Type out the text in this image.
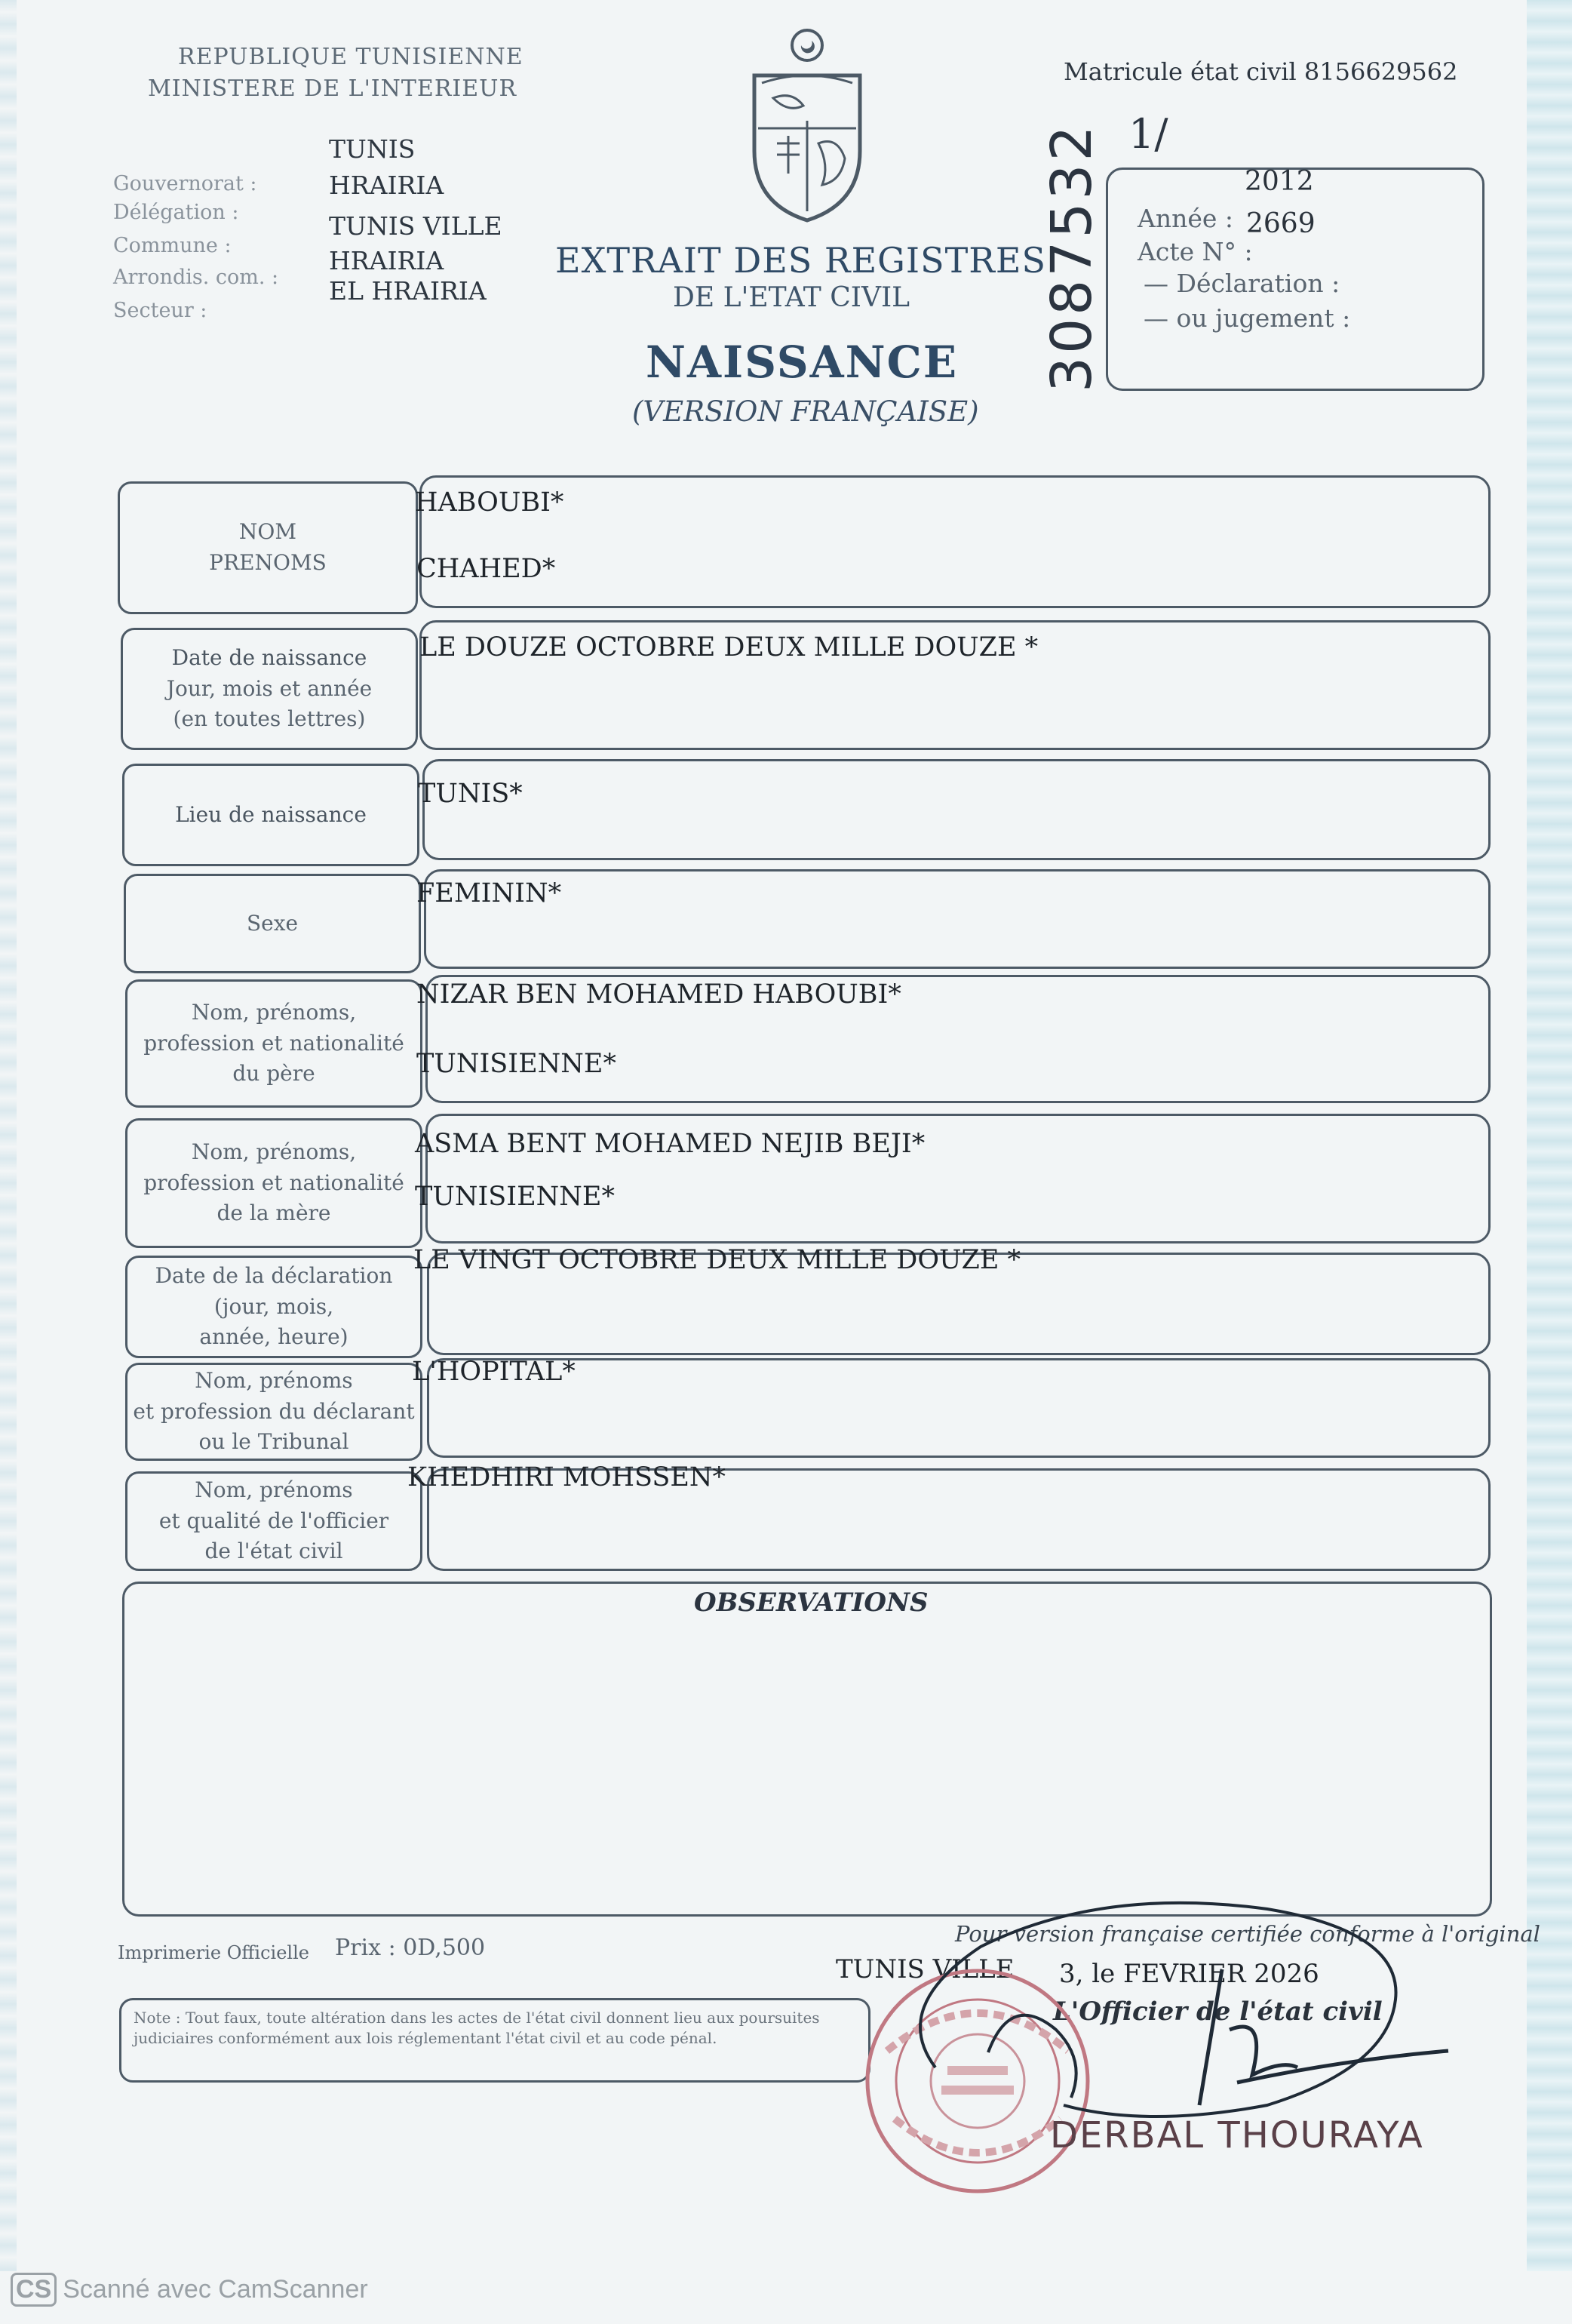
REPUBLIQUE TUNISIENNE
MINISTERE DE L'INTERIEUR
Gouvernorat :
Délégation :
Commune :
Arrondis. com. :
Secteur :
TUNIS
HRAIRIA
TUNIS VILLE
HRAIRIA
EL HRAIRIA
EXTRAIT DES REGISTRES
DE L'ETAT CIVIL
NAISSANCE
(VERSION FRANÇAISE)
Matricule état civil 8156629562
1/
3087532	2012
Année : 2669
Acte N° :
— Déclaration :
— ou jugement :
NOM
PRENOMS
HABOUBI*
CHAHED*
Date de naissance
Jour, mois et année
(en toutes lettres)
LE DOUZE OCTOBRE DEUX MILLE DOUZE *
Lieu de naissance
TUNIS*
Sexe
FEMININ*
Nom, prénoms,
profession et nationalité
du père
NIZAR BEN MOHAMED HABOUBI*
TUNISIENNE*
Nom, prénoms,
profession et nationalité
de la mère
ASMA BENT MOHAMED NEJIB BEJI*
TUNISIENNE*
Date de la déclaration
(jour, mois,
année, heure)
LE VINGT OCTOBRE DEUX MILLE DOUZE *
Nom, prénoms
et profession du déclarant
ou le Tribunal
L'HOPITAL*
Nom, prénoms
et qualité de l'officier
de l'état civil
KHEDHIRI MOHSSEN*
OBSERVATIONS
Imprimerie Officielle Prix : 0D,500
Note : Tout faux, toute altération dans les actes de l'état civil donnent lieu aux poursuites judiciaires conformément aux lois réglementant l'état civil et au code pénal.
Pour version française certifiée conforme à l'original
TUNIS VILLE 3, le FEVRIER 2026
L'Officier de l'état civil
DERBAL THOURAYA
CS Scanné avec CamScanner
